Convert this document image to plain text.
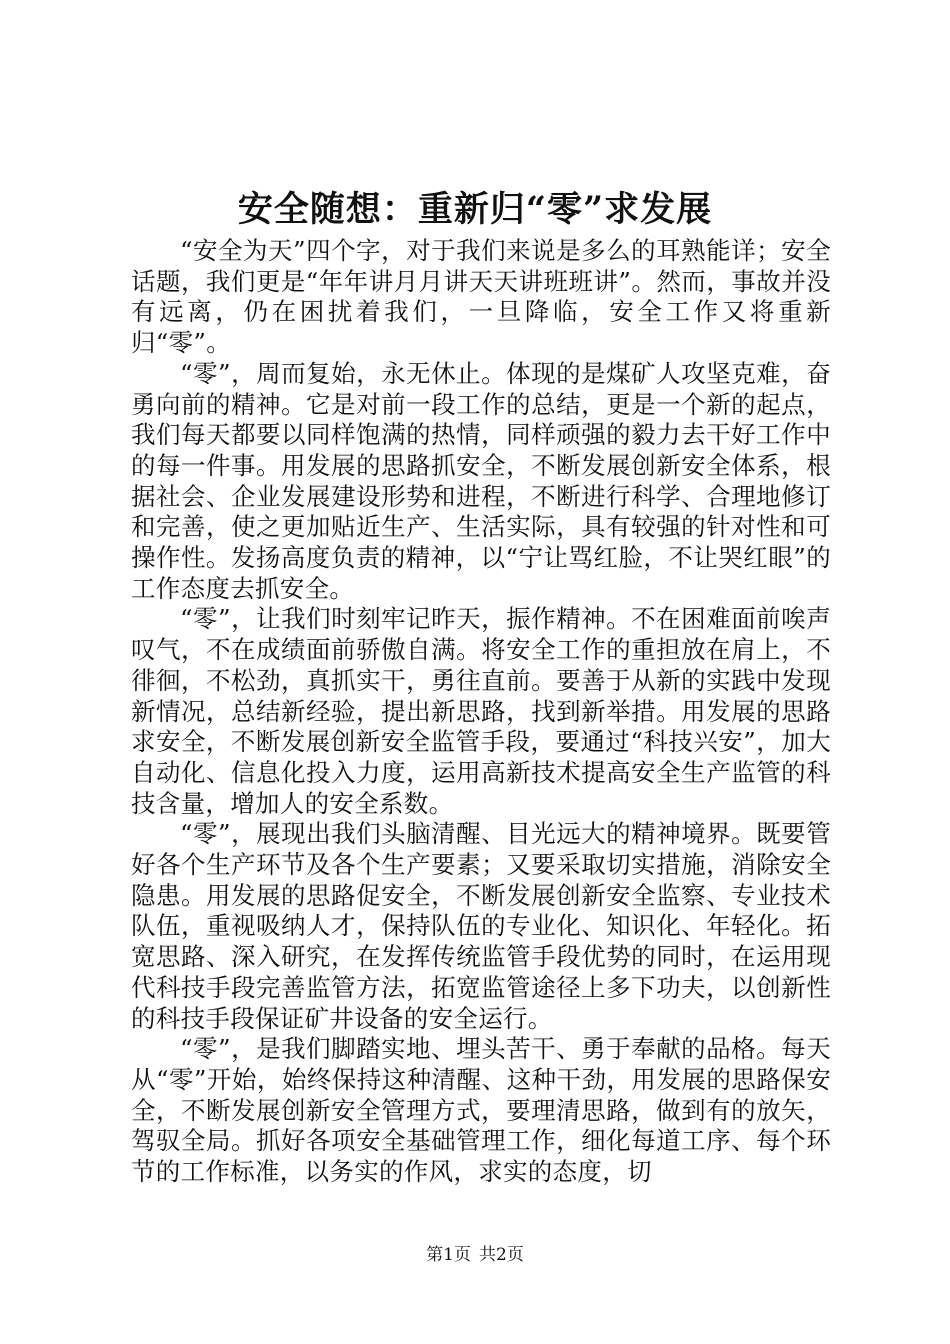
安全随想：重新归“零”求发展

“安全为天”四个字，对于我们来说是多么的耳熟能详；安全话题，我们更是“年年讲月月讲天天讲班班讲”。然而，事故并没有远离，仍在困扰着我们，一旦降临，安全工作又将重新归“零”。

“零”，周而复始，永无休止。体现的是煤矿人攻坚克难，奋勇向前的精神。它是对前一段工作的总结，更是一个新的起点，我们每天都要以同样饱满的热情，同样顽强的毅力去干好工作中的每一件事。用发展的思路抓安全，不断发展创新安全体系，根据社会、企业发展建设形势和进程，不断进行科学、合理地修订和完善，使之更加贴近生产、生活实际，具有较强的针对性和可操作性。发扬高度负责的精神，以“宁让骂红脸，不让哭红眼”的工作态度去抓安全。

“零”，让我们时刻牢记昨天，振作精神。不在困难面前唉声叹气，不在成绩面前骄傲自满。将安全工作的重担放在肩上，不徘徊，不松劲，真抓实干，勇往直前。要善于从新的实践中发现新情况，总结新经验，提出新思路，找到新举措。用发展的思路求安全，不断发展创新安全监管手段，要通过“科技兴安”，加大自动化、信息化投入力度，运用高新技术提高安全生产监管的科技含量，增加人的安全系数。

“零”，展现出我们头脑清醒、目光远大的精神境界。既要管好各个生产环节及各个生产要素；又要采取切实措施，消除安全隐患。用发展的思路促安全，不断发展创新安全监察、专业技术队伍，重视吸纳人才，保持队伍的专业化、知识化、年轻化。拓宽思路、深入研究，在发挥传统监管手段优势的同时，在运用现代科技手段完善监管方法，拓宽监管途径上多下功夫，以创新性的科技手段保证矿井设备的安全运行。

“零”，是我们脚踏实地、埋头苦干、勇于奉献的品格。每天从“零”开始，始终保持这种清醒、这种干劲，用发展的思路保安全，不断发展创新安全管理方式，要理清思路，做到有的放矢，驾驭全局。抓好各项安全基础管理工作，细化每道工序、每个环节的工作标准，以务实的作风，求实的态度，切

第1页 共2页
